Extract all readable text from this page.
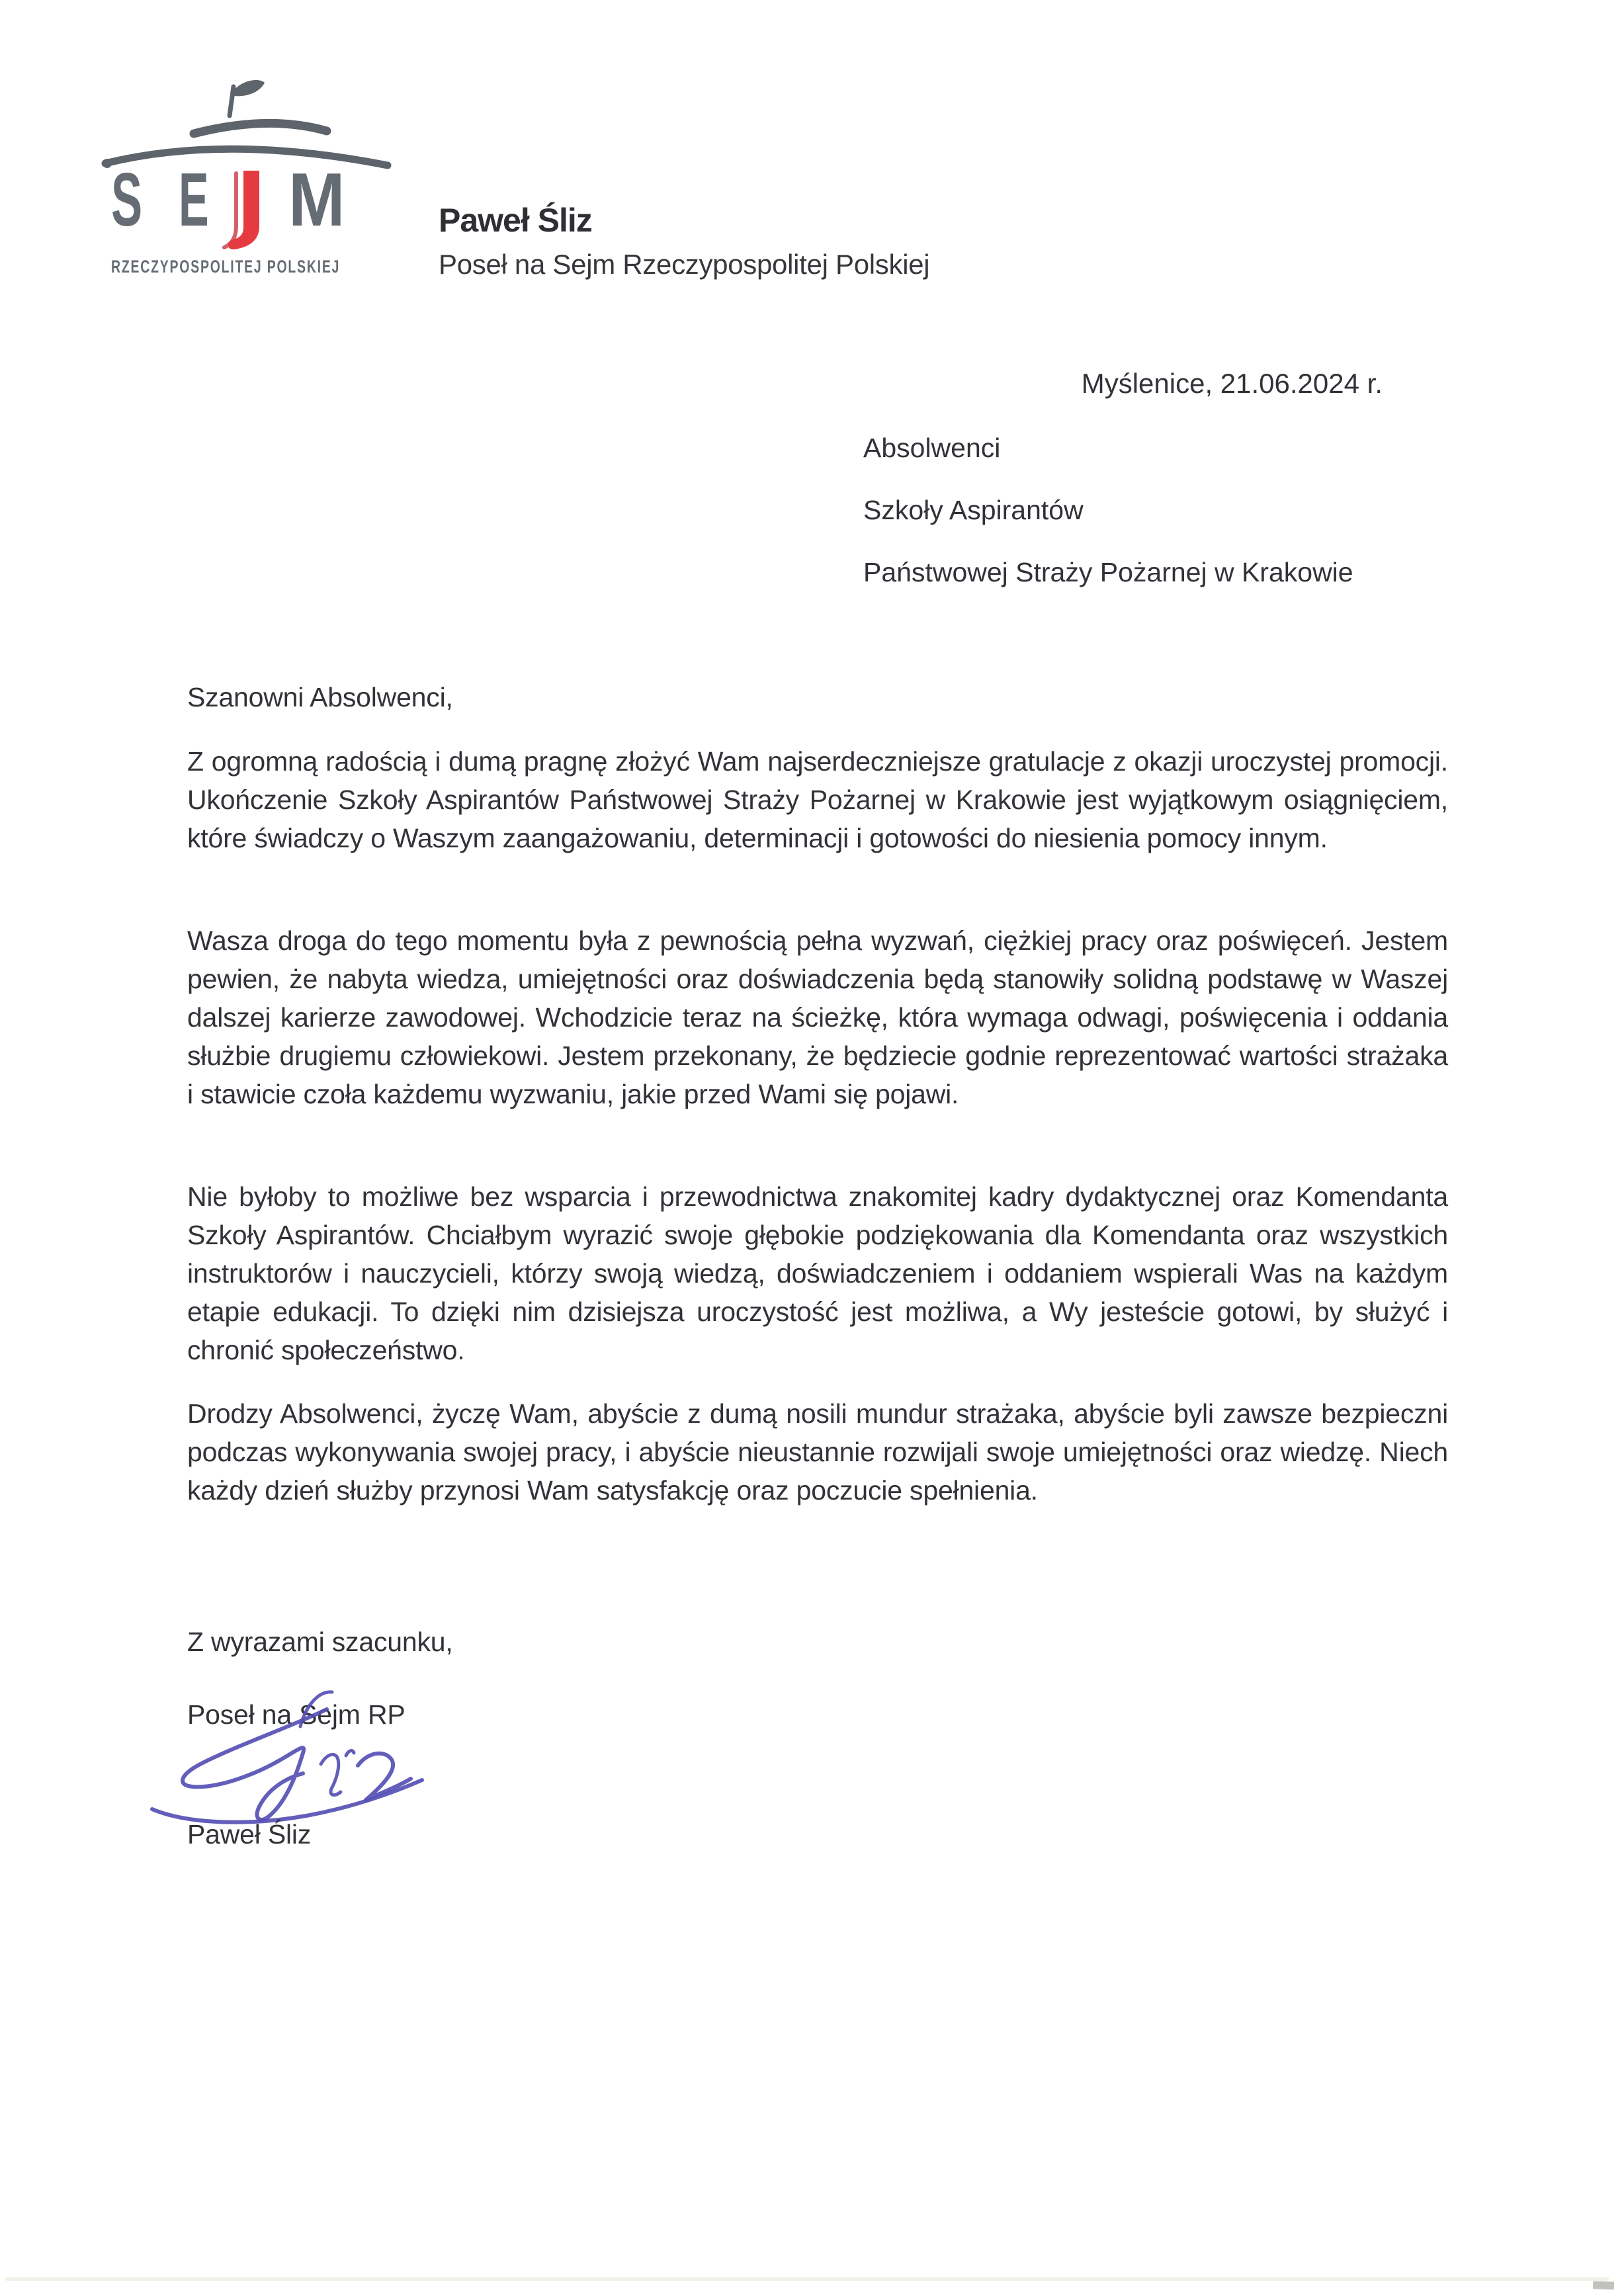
S E M
RZECZYPOSPOLITEJ POLSKIEJ
Paweł Śliz
Poseł na Sejm Rzeczypospolitej Polskiej
Myślenice, 21.06.2024 r.
Absolwenci
Szkoły Aspirantów
Państwowej Straży Pożarnej w Krakowie
Szanowni Absolwenci,
Z ogromną radością i dumą pragnę złożyć Wam najserdeczniejsze gratulacje z okazji uroczystej promocji. Ukończenie Szkoły Aspirantów Państwowej Straży Pożarnej w Krakowie jest wyjątkowym osiągnięciem, które świadczy o Waszym zaangażowaniu, determinacji i gotowości do niesienia pomocy innym.
Wasza droga do tego momentu była z pewnością pełna wyzwań, ciężkiej pracy oraz poświęceń. Jestem pewien, że nabyta wiedza, umiejętności oraz doświadczenia będą stanowiły solidną podstawę w Waszej dalszej karierze zawodowej. Wchodzicie teraz na ścieżkę, która wymaga odwagi, poświęcenia i oddania służbie drugiemu człowiekowi. Jestem przekonany, że będziecie godnie reprezentować wartości strażaka i stawicie czoła każdemu wyzwaniu, jakie przed Wami się pojawi.
Nie byłoby to możliwe bez wsparcia i przewodnictwa znakomitej kadry dydaktycznej oraz Komendanta Szkoły Aspirantów. Chciałbym wyrazić swoje głębokie podziękowania dla Komendanta oraz wszystkich instruktorów i nauczycieli, którzy swoją wiedzą, doświadczeniem i oddaniem wspierali Was na każdym etapie edukacji. To dzięki nim dzisiejsza uroczystość jest możliwa, a Wy jesteście gotowi, by służyć i chronić społeczeństwo.
Drodzy Absolwenci, życzę Wam, abyście z dumą nosili mundur strażaka, abyście byli zawsze bezpieczni podczas wykonywania swojej pracy, i abyście nieustannie rozwijali swoje umiejętności oraz wiedzę. Niech każdy dzień służby przynosi Wam satysfakcję oraz poczucie spełnienia.
Z wyrazami szacunku,
Poseł na Sejm RP
Paweł Śliz
